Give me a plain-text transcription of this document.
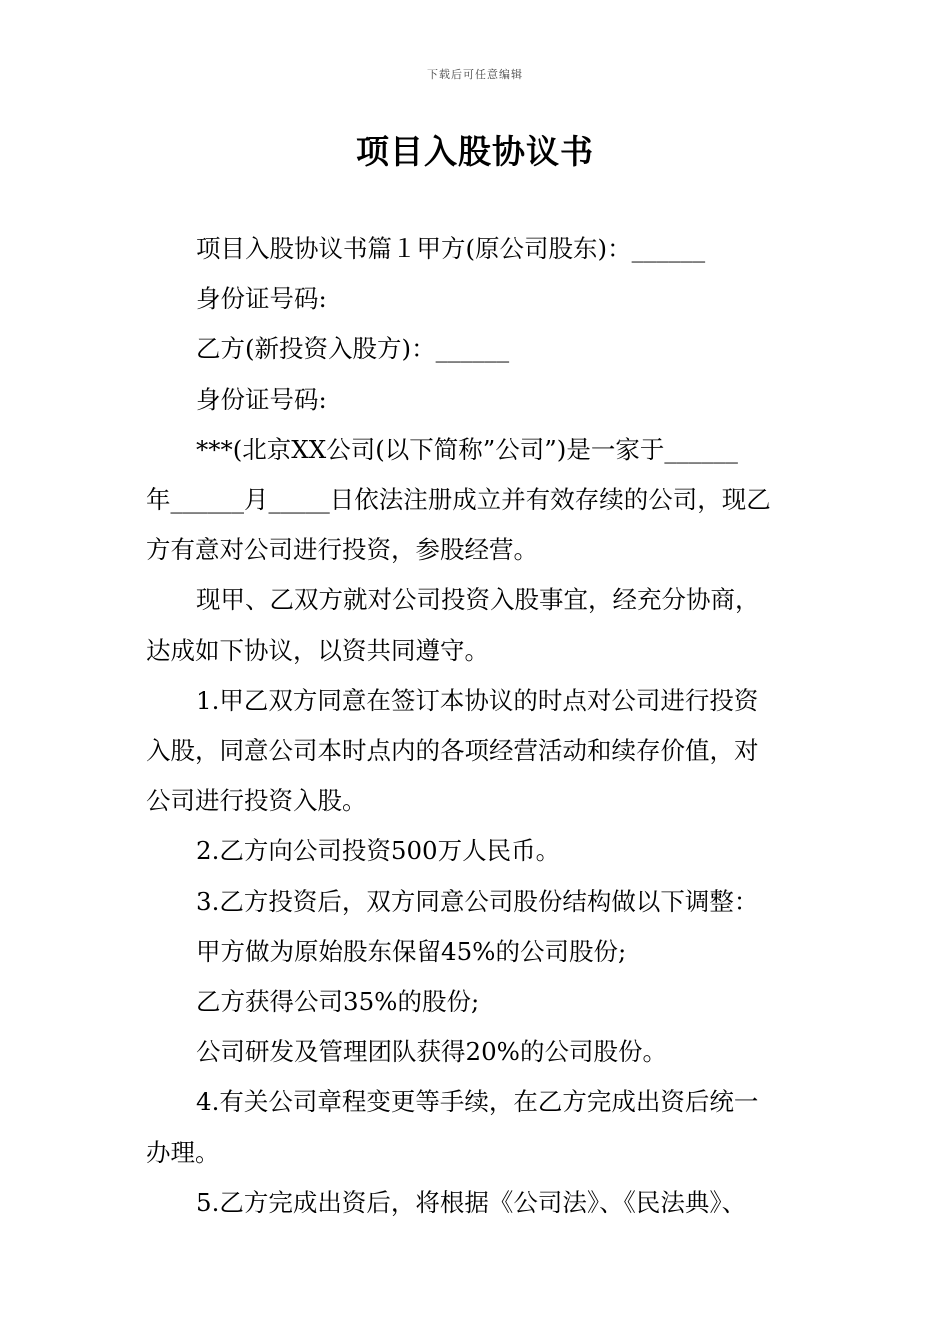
下载后可任意编辑
项目入股协议书

项目入股协议书篇１甲方(原公司股东)：______

身份证号码:

乙方(新投资入股方)：______

身份证号码:

***(北京XX公司(以下简称”公司”)是一家于______

年______月_____日依法注册成立并有效存续的公司，现乙

方有意对公司进行投资，参股经营。

现甲、乙双方就对公司投资入股事宜，经充分协商，

达成如下协议，以资共同遵守。

1.甲乙双方同意在签订本协议的时点对公司进行投资

入股，同意公司本时点内的各项经营活动和续存价值，对

公司进行投资入股。

2.乙方向公司投资500万人民币。

3.乙方投资后，双方同意公司股份结构做以下调整：

甲方做为原始股东保留45%的公司股份;

乙方获得公司35%的股份;

公司研发及管理团队获得20%的公司股份。

4.有关公司章程变更等手续，在乙方完成出资后统一

办理。

5.乙方完成出资后，将根据《公司法》、《民法典》、
